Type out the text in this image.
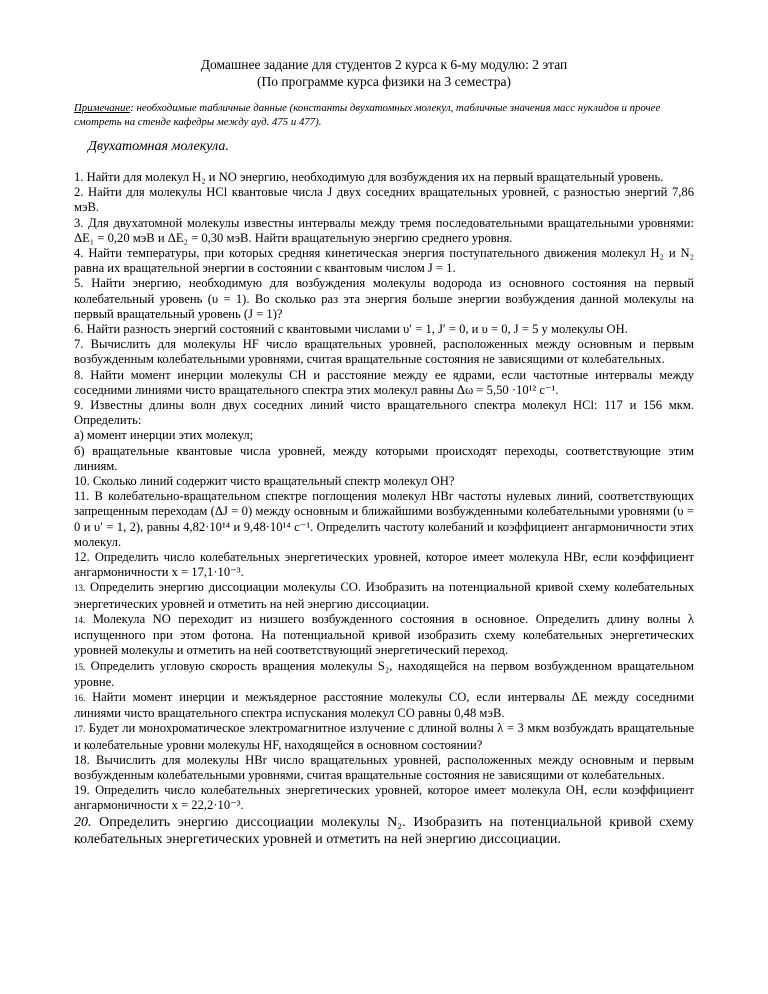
Домашнее задание для студентов 2 курса к 6-му модулю: 2 этап
(По программе курса физики на 3 семестра)
Примечание: необходимые табличные данные (константы двухатомных молекул, табличные значения масс нуклидов и прочее смотреть на стенде кафедры между ауд. 475 и 477).
Двухатомная молекула.
1. Найти для молекул H₂ и NO энергию, необходимую для возбуждения их на первый вращательный уровень.
2. Найти для молекулы HCl квантовые числа J двух соседних вращательных уровней, с разностью энергий 7,86 мэВ.
3. Для двухатомной молекулы известны интервалы между тремя последовательными вращательными уровнями: ΔE₁ = 0,20 мэВ и ΔE₂ = 0,30 мэВ. Найти вращательную энергию среднего уровня.
4. Найти температуры, при которых средняя кинетическая энергия поступательного движения молекул H₂ и N₂ равна их вращательной энергии в состоянии с квантовым числом J = 1.
5. Найти энергию, необходимую для возбуждения молекулы водорода из основного состояния на первый колебательный уровень (υ = 1). Во сколько раз эта энергия больше энергии возбуждения данной молекулы на первый вращательный уровень (J = 1)?
6. Найти разность энергий состояний с квантовыми числами υ′ = 1, J′ = 0, и υ = 0, J = 5 у молекулы OH.
7. Вычислить для молекулы HF число вращательных уровней, расположенных между основным и первым возбужденным колебательными уровнями, считая вращательные состояния не зависящими от колебательных.
8. Найти момент инерции молекулы CH и расстояние между ее ядрами, если частотные интервалы между соседними линиями чисто вращательного спектра этих молекул равны Δω = 5,50 ·10¹² c⁻¹.
9. Известны длины волн двух соседних линий чисто вращательного спектра молекул HCl: 117 и 156 мкм. Определить:
а) момент инерции этих молекул;
б) вращательные квантовые числа уровней, между которыми происходят переходы, соответствующие этим линиям.
10. Сколько линий содержит чисто вращательный спектр молекул OH?
11. В колебательно-вращательном спектре поглощения молекул HBr частоты нулевых линий, соответствующих запрещенным переходам (ΔJ = 0) между основным и ближайшими возбужденными колебательными уровнями (υ = 0 и υ′ = 1, 2), равны 4,82·10¹⁴ и 9,48·10¹⁴ c⁻¹. Определить частоту колебаний и коэффициент ангармоничности этих молекул.
12. Определить число колебательных энергетических уровней, которое имеет молекула HBr, если коэффициент ангармоничности x = 17,1·10⁻³.
13. Определить энергию диссоциации молекулы CO. Изобразить на потенциальной кривой схему колебательных энергетических уровней и отметить на ней энергию диссоциации.
14. Молекула NO переходит из низшего возбужденного состояния в основное. Определить длину волны λ испущенного при этом фотона. На потенциальной кривой изобразить схему колебательных энергетических уровней молекулы и отметить на ней соответствующий энергетический переход.
15. Определить угловую скорость вращения молекулы S₂, находящейся на первом возбужденном вращательном уровне.
16. Найти момент инерции и межъядерное расстояние молекулы CO, если интервалы ΔE между соседними линиями чисто вращательного спектра испускания молекул CO равны 0,48 мэВ.
17. Будет ли монохроматическое электромагнитное излучение с длиной волны λ = 3 мкм возбуждать вращательные и колебательные уровни молекулы HF, находящейся в основном состоянии?
18. Вычислить для молекулы HBr число вращательных уровней, расположенных между основным и первым возбужденным колебательными уровнями, считая вращательные состояния не зависящими от колебательных.
19. Определить число колебательных энергетических уровней, которое имеет молекула OH, если коэффициент ангармоничности x = 22,2·10⁻³.
20. Определить энергию диссоциации молекулы N₂. Изобразить на потенциальной кривой схему колебательных энергетических уровней и отметить на ней энергию диссоциации.
